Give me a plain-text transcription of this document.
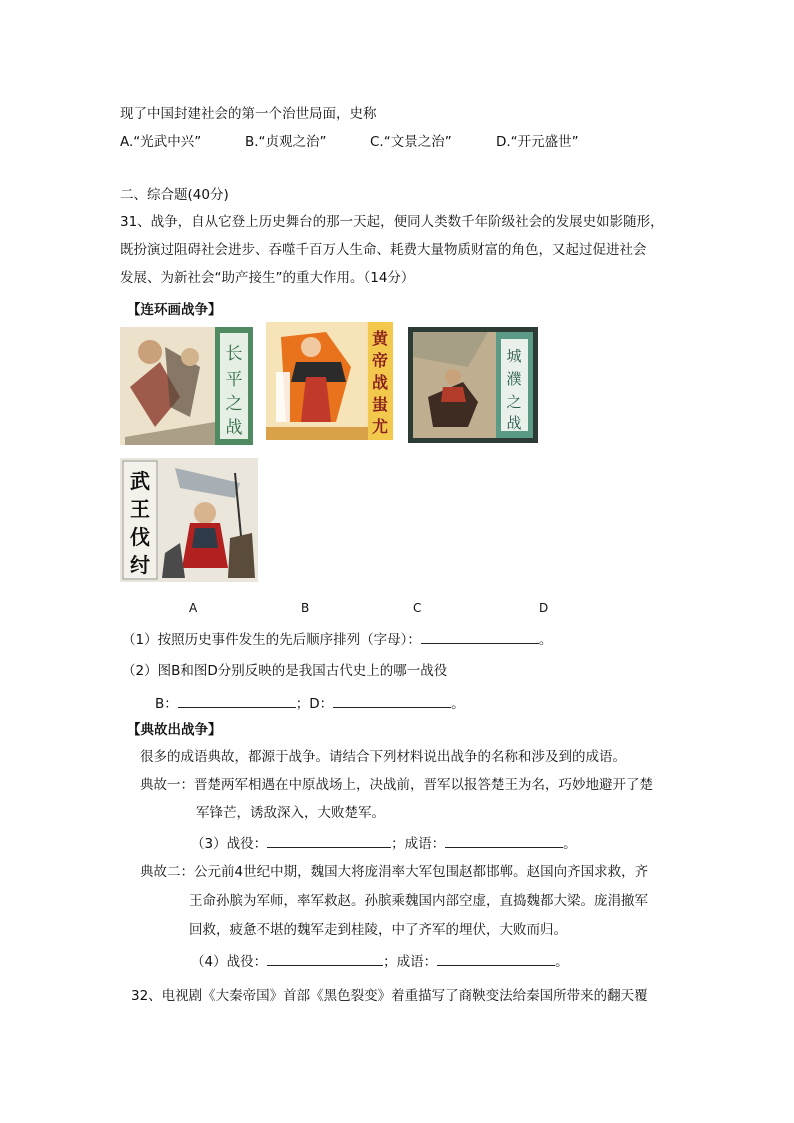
现了中国封建社会的第一个治世局面，史称
A.“光武中兴”	B.“贞观之治”	C.“文景之治”	D.“开元盛世”
二、综合题(40分)
31、战争，自从它登上历史舞台的那一天起，便同人类数千年阶级社会的发展史如影随形，
既扮演过阻碍社会进步、吞噬千百万人生命、耗费大量物质财富的角色，又起过促进社会
发展、为新社会“助产接生”的重大作用。（14分）
【连环画战争】
长
平
之
战
黄
帝
战
蚩
尤
城
濮
之
战
武
王
伐
纣
A	B	C	D
（1）按照历史事件发生的先后顺序排列（字母）：	。
（2）图B和图D分别反映的是我国古代史上的哪一战役
B：	；D：	。
【典故出战争】
很多的成语典故，都源于战争。请结合下列材料说出战争的名称和涉及到的成语。
典故一：晋楚两军相遇在中原战场上，决战前，晋军以报答楚王为名，巧妙地避开了楚
军锋芒，诱敌深入，大败楚军。
（3）战役：	；成语：	。
典故二：公元前4世纪中期，魏国大将庞涓率大军包围赵都邯郸。赵国向齐国求救，齐
王命孙膑为军师，率军救赵。孙膑乘魏国内部空虚，直捣魏都大梁。庞涓撤军
回救，疲惫不堪的魏军走到桂陵，中了齐军的埋伏，大败而归。
（4）战役：	；成语：	。
32、电视剧《大秦帝国》首部《黑色裂变》着重描写了商鞅变法给秦国所带来的翻天覆
